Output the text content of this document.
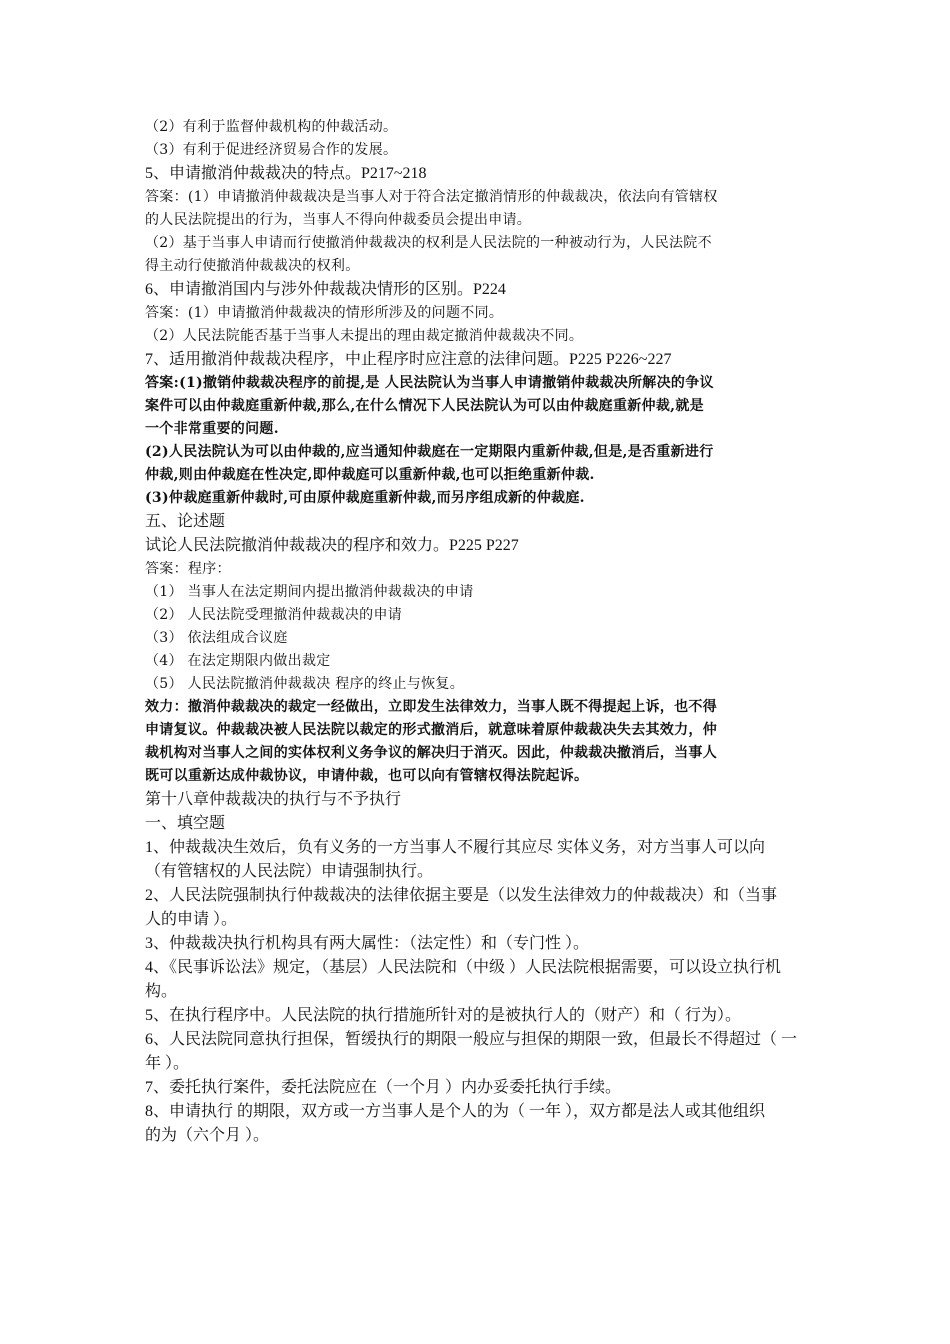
（2）有利于监督仲裁机构的仲裁活动。

（3）有利于促进经济贸易合作的发展。

5、申请撤消仲裁裁决的特点。P217~218

答案：(1）申请撤消仲裁裁决是当事人对于符合法定撤消情形的仲裁裁决，依法向有管辖权

的人民法院提出的行为，当事人不得向仲裁委员会提出申请。

（2）基于当事人申请而行使撤消仲裁裁决的权利是人民法院的一种被动行为，人民法院不

得主动行使撤消仲裁裁决的权利。

6、申请撤消国内与涉外仲裁裁决情形的区别。P224

答案：(1）申请撤消仲裁裁决的情形所涉及的问题不同。

（2）人民法院能否基于当事人未提出的理由裁定撤消仲裁裁决不同。

7、适用撤消仲裁裁决程序，中止程序时应注意的法律问题。P225 P226~227

答案:(1)撤销仲裁裁决程序的前提,是 人民法院认为当事人申请撤销仲裁裁决所解决的争议

案件可以由仲裁庭重新仲裁,那么,在什么情况下人民法院认为可以由仲裁庭重新仲裁,就是

一个非常重要的问题.

(2)人民法院认为可以由仲裁的,应当通知仲裁庭在一定期限内重新仲裁,但是,是否重新进行

仲裁,则由仲裁庭在性决定,即仲裁庭可以重新仲裁,也可以拒绝重新仲裁.

(3)仲裁庭重新仲裁时,可由原仲裁庭重新仲裁,而另序组成新的仲裁庭.

五、论述题

试论人民法院撤消仲裁裁决的程序和效力。P225 P227

答案：程序：

（1） 当事人在法定期间内提出撤消仲裁裁决的申请

（2） 人民法院受理撤消仲裁裁决的申请

（3） 依法组成合议庭

（4） 在法定期限内做出裁定

（5） 人民法院撤消仲裁裁决 程序的终止与恢复。

效力：撤消仲裁裁决的裁定一经做出，立即发生法律效力，当事人既不得提起上诉，也不得

申请复议。仲裁裁决被人民法院以裁定的形式撤消后，就意味着原仲裁裁决失去其效力，仲

裁机构对当事人之间的实体权利义务争议的解决归于消灭。因此，仲裁裁决撤消后，当事人

既可以重新达成仲裁协议，申请仲裁，也可以向有管辖权得法院起诉。

第十八章仲裁裁决的执行与不予执行

一、填空题

1、仲裁裁决生效后，负有义务的一方当事人不履行其应尽 实体义务，对方当事人可以向

（有管辖权的人民法院）申请强制执行。

2、人民法院强制执行仲裁裁决的法律依据主要是（以发生法律效力的仲裁裁决）和（当事

人的申请 ）。

3、仲裁裁决执行机构具有两大属性：（法定性）和（专门性 ）。

4、《民事诉讼法》规定，（基层）人民法院和（中级 ）人民法院根据需要，可以设立执行机

构。

5、在执行程序中。人民法院的执行措施所针对的是被执行人的（财产）和（ 行为）。

6、人民法院同意执行担保，暂缓执行的期限一般应与担保的期限一致，但最长不得超过（ 一

年 ）。

7、委托执行案件，委托法院应在（一个月 ）内办妥委托执行手续。

8、申请执行 的期限，双方或一方当事人是个人的为（ 一年 ），双方都是法人或其他组织

的为（六个月 ）。
